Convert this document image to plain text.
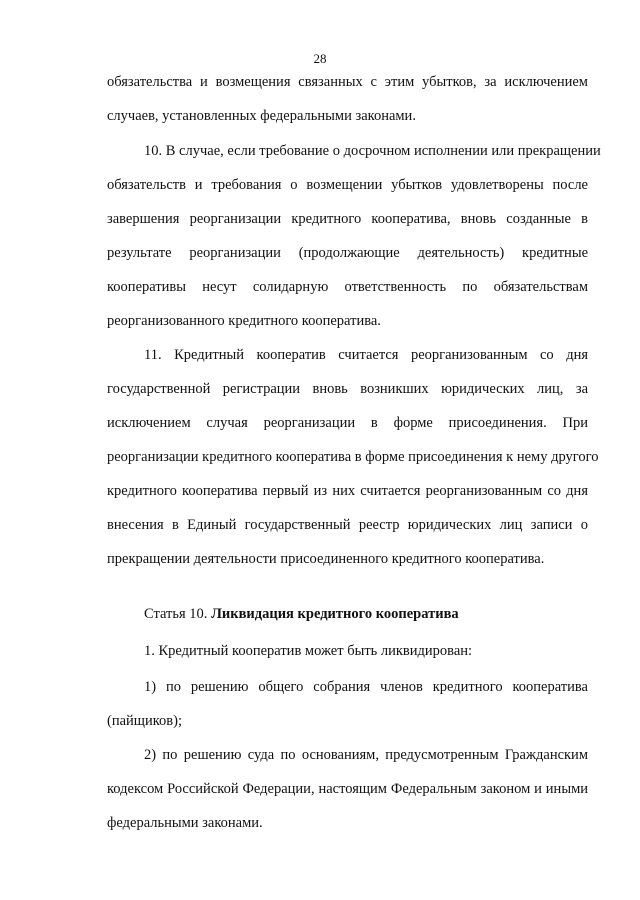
28
обязательства и возмещения связанных с этим убытков, за исключением
случаев, установленных федеральными законами.
10. В случае, если требование о досрочном исполнении или прекращении
обязательств и требования о возмещении убытков удовлетворены после
завершения реорганизации кредитного кооператива, вновь созданные в
результате реорганизации (продолжающие деятельность) кредитные
кооперативы несут солидарную ответственность по обязательствам
реорганизованного кредитного кооператива.
11. Кредитный кооператив считается реорганизованным со дня
государственной регистрации вновь возникших юридических лиц, за
исключением случая реорганизации в форме присоединения. При
реорганизации кредитного кооператива в форме присоединения к нему другого
кредитного кооператива первый из них считается реорганизованным со дня
внесения в Единый государственный реестр юридических лиц записи о
прекращении деятельности присоединенного кредитного кооператива.
Статья 10. Ликвидация кредитного кооператива
1. Кредитный кооператив может быть ликвидирован:
1) по решению общего собрания членов кредитного кооператива
(пайщиков);
2) по решению суда по основаниям, предусмотренным Гражданским
кодексом Российской Федерации, настоящим Федеральным законом и иными
федеральными законами.
